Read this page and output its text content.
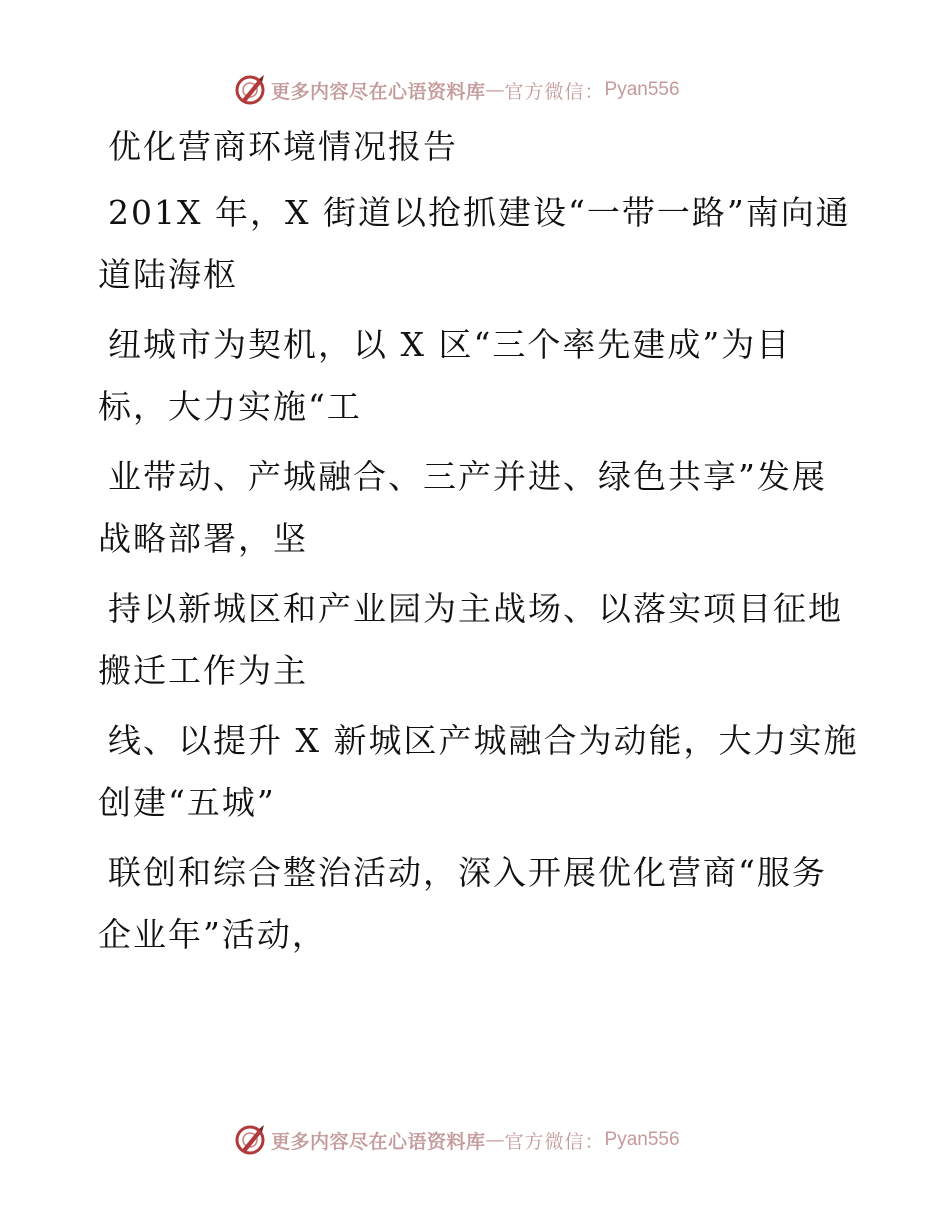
更多内容尽在心语资料库 — 官方微信： Pyan556
优化营商环境情况报告
201X 年，X 街道以抢抓建设“一带一路”南向通
道陆海枢
纽城市为契机，以 X 区“三个率先建成”为目
标，大力实施“工
业带动、产城融合、三产并进、绿色共享”发展
战略部署，坚
持以新城区和产业园为主战场、以落实项目征地
搬迁工作为主
线、以提升 X 新城区产城融合为动能，大力实施
创建“五城”
联创和综合整治活动，深入开展优化营商“服务
企业年”活动，
更多内容尽在心语资料库 — 官方微信： Pyan556
